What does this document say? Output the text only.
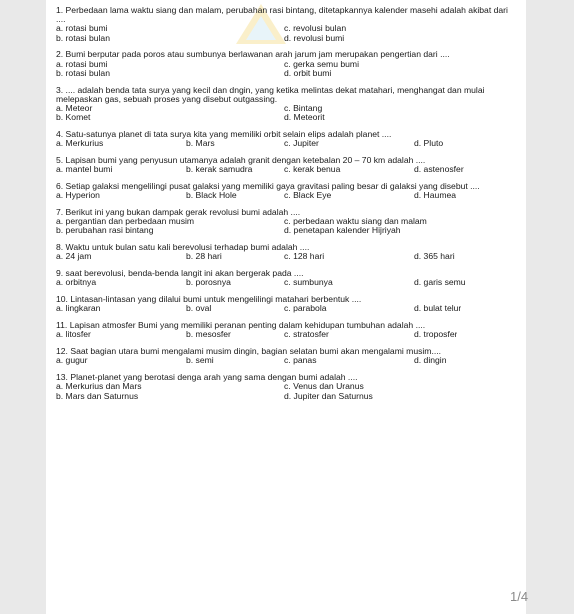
1. Perbedaan lama waktu siang dan malam, perubahan rasi bintang, ditetapkannya kalender masehi adalah akibat dari ....
a. rotasi bumi	c. revolusi bulan
b. rotasi bulan	d. revolusi bumi
2. Bumi berputar pada poros atau sumbunya berlawanan arah jarum jam merupakan pengertian dari ....
a. rotasi bumi	c. gerka semu bumi
b. rotasi bulan	d. orbit bumi
3. .... adalah benda tata surya yang kecil dan dngin, yang ketika melintas dekat matahari, menghangat dan mulai melepaskan gas, sebuah proses yang disebut outgassing.
a. Meteor	c. Bintang
b. Komet	d. Meteorit
4. Satu-satunya planet di tata surya kita yang memiliki orbit selain elips adalah planet ....
a. Merkurius	b. Mars	c. Jupiter	d. Pluto
5. Lapisan bumi yang penyusun utamanya adalah granit dengan ketebalan 20 – 70 km adalah ....
a. mantel bumi	b. kerak samudra	c. kerak benua	d. astenosfer
6. Setiap galaksi mengelilingi pusat galaksi yang memiliki gaya gravitasi paling besar di galaksi yang disebut ....
a. Hyperion	b. Black Hole	c. Black Eye	d. Haumea
7. Berikut ini yang bukan dampak gerak revolusi bumi adalah ....
a. pergantian dan perbedaan musim	c. perbedaan waktu siang dan malam
b. perubahan rasi bintang	d. penetapan kalender Hijriyah
8. Waktu untuk bulan satu kali berevolusi terhadap bumi adalah ....
a. 24 jam	b. 28 hari	c. 128 hari	d. 365 hari
9. saat berevolusi, benda-benda langit ini akan bergerak pada ....
a. orbitnya	b. porosnya	c. sumbunya	d. garis semu
10. Lintasan-lintasan yang dilalui bumi untuk mengelilingi matahari berbentuk ....
a. lingkaran	b. oval	c. parabola	d. bulat telur
11. Lapisan atmosfer Bumi yang memiliki peranan penting dalam kehidupan tumbuhan adalah ....
a. litosfer	b. mesosfer	c. stratosfer	d. troposfer
12. Saat bagian utara bumi mengalami musim dingin, bagian selatan bumi akan mengalami musim....
a. gugur	b. semi	c. panas	d. dingin
13. Planet-planet yang berotasi denga arah yang sama dengan bumi adalah ....
a. Merkurius dan Mars	c. Venus dan Uranus
b. Mars dan Saturnus	d. Jupiter dan Saturnus
1/4
